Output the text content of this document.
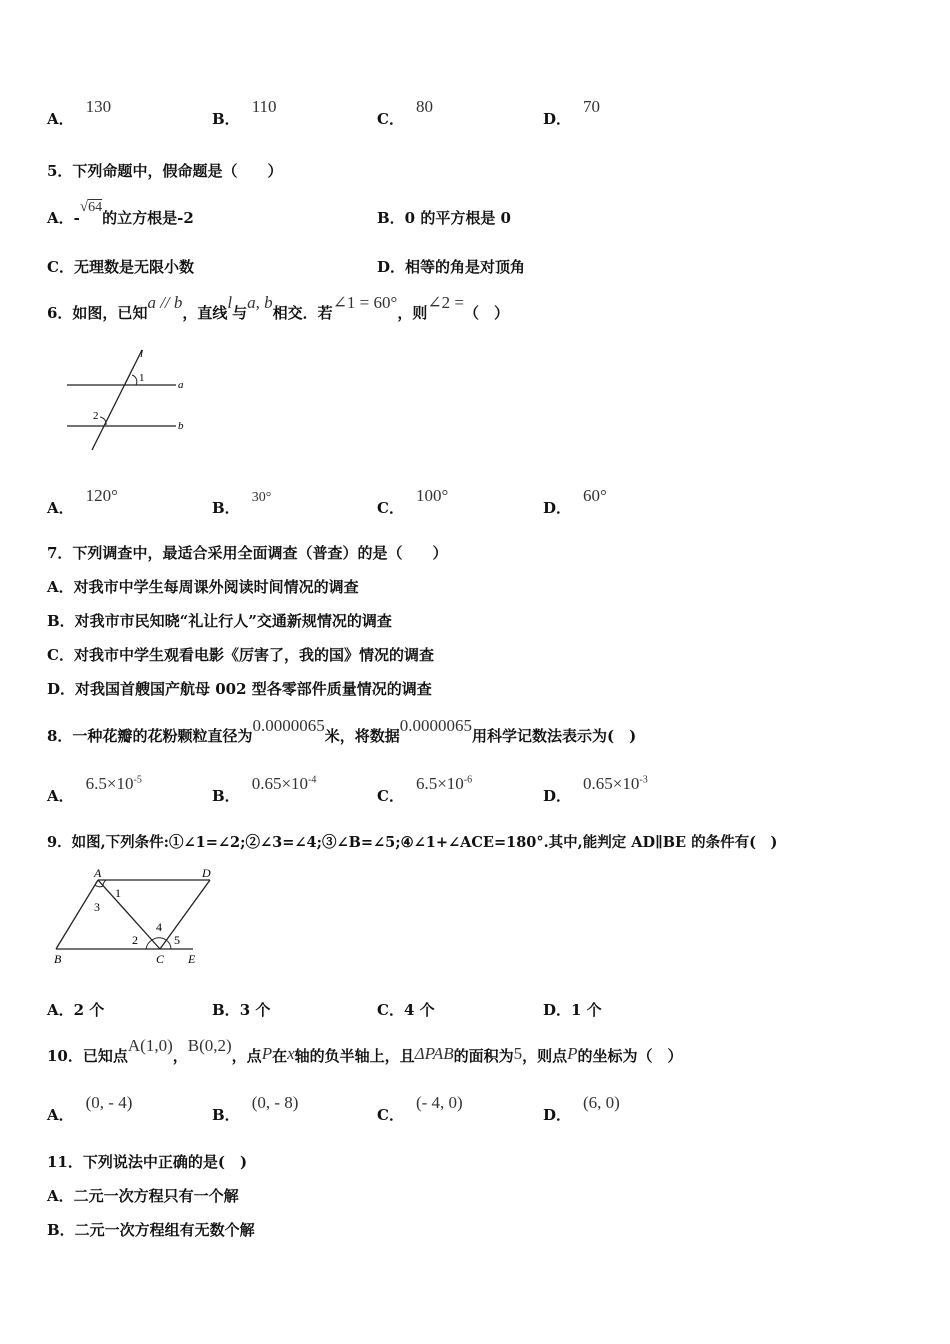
A．130
B．110
C．80
D．70
5．下列命题中，假命题是（　　）
A．-√64的立方根是-2	B．0 的平方根是 0
C．无理数是无限小数	D．相等的角是对顶角
6．如图，已知a // b，直线l与a, b相交．若∠1 = 60°，则∠2 =（　）
l
1
a
2
b
A．120°
B．30°
C．100°
D．60°
7．下列调查中，最适合采用全面调查（普查）的是（　　）
A．对我市中学生每周课外阅读时间情况的调查
B．对我市市民知晓“礼让行人”交通新规情况的调查
C．对我市中学生观看电影《厉害了，我的国》情况的调查
D．对我国首艘国产航母 002 型各零部件质量情况的调查
8．一种花瓣的花粉颗粒直径为0.0000065米，将数据0.0000065用科学记数法表示为(　)
A．$6.5\times 10^{-5}$
B．$0.65\times 10^{-4}$
C．$6.5\times 10^{-6}$
D．$0.65\times 10^{-3}$
9．如图,下列条件:①∠1=∠2;②∠3=∠4;③∠B=∠5;④∠1+∠ACE=180°.其中,能判定 AD∥BE 的条件有(　)
A	D
B	C E
1
3
2
4
5
A．2 个	B．3 个	C．4 个	D．1 个
10．已知点A(1,0)，B(0,2)，点P在x轴的负半轴上，且ΔPAB的面积为5，则点P的坐标为（　）
A．(0, - 4)
B．(0, - 8)
C．(- 4, 0)
D．(6, 0)
11．下列说法中正确的是(　)
A．二元一次方程只有一个解
B．二元一次方程组有无数个解
